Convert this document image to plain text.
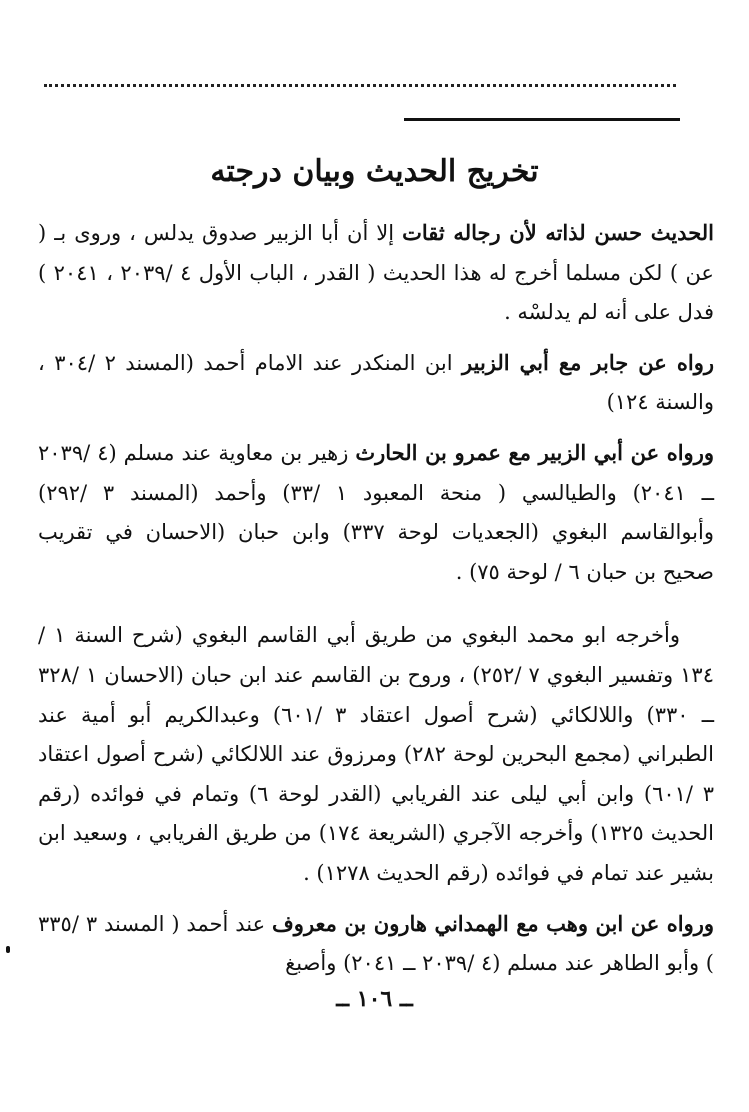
تخريج الحديث وبيان درجته

الحديث حسن لذاته لأن رجاله ثقات إلا أن أبا الزبير صدوق يدلس ، وروى بـ ( عن ) لكن مسلما أخرج له هذا الحديث ( القدر ، الباب الأول ٤ /٢٠٣٩ ، ٢٠٤١ ) فدل على أنه لم يدلسْه .

رواه عن جابر مع أبي الزبير ابن المنكدر عند الامام أحمد (المسند ٢ /٣٠٤ ، والسنة ١٢٤)

ورواه عن أبي الزبير مع عمرو بن الحارث زهير بن معاوية عند مسلم (٤ /٢٠٣٩ ــ ٢٠٤١) والطيالسي ( منحة المعبود ١ /٣٣) وأحمد (المسند ٣ /٢٩٢) وأبوالقاسم البغوي (الجعديات لوحة ٣٣٧) وابن حبان (الاحسان في تقريب صحيح بن حبان ٦ / لوحة ٧٥) .

وأخرجه ابو محمد البغوي من طريق أبي القاسم البغوي (شرح السنة ١ /١٣٤ وتفسير البغوي ٧ /٢٥٢) ، وروح بن القاسم عند ابن حبان (الاحسان ١ /٣٢٨ ــ ٣٣٠) واللالكائي (شرح أصول اعتقاد ٣ /٦٠١) وعبدالكريم أبو أمية عند الطبراني (مجمع البحرين لوحة ٢٨٢) ومرزوق عند اللالكائي (شرح أصول اعتقاد ٣ /٦٠١) وابن أبي ليلى عند الفريابي (القدر لوحة ٦) وتمام في فوائده (رقم الحديث ١٣٢٥) وأخرجه الآجري (الشريعة ١٧٤) من طريق الفريابي ، وسعيد ابن بشير عند تمام في فوائده (رقم الحديث ١٢٧٨) .

ورواه عن ابن وهب مع الهمداني هارون بن معروف عند أحمد ( المسند ٣ /٣٣٥ ) وأبو الطاهر عند مسلم (٤ /٢٠٣٩ ــ ٢٠٤١) وأصبغ

ــ ١٠٦ ــ
